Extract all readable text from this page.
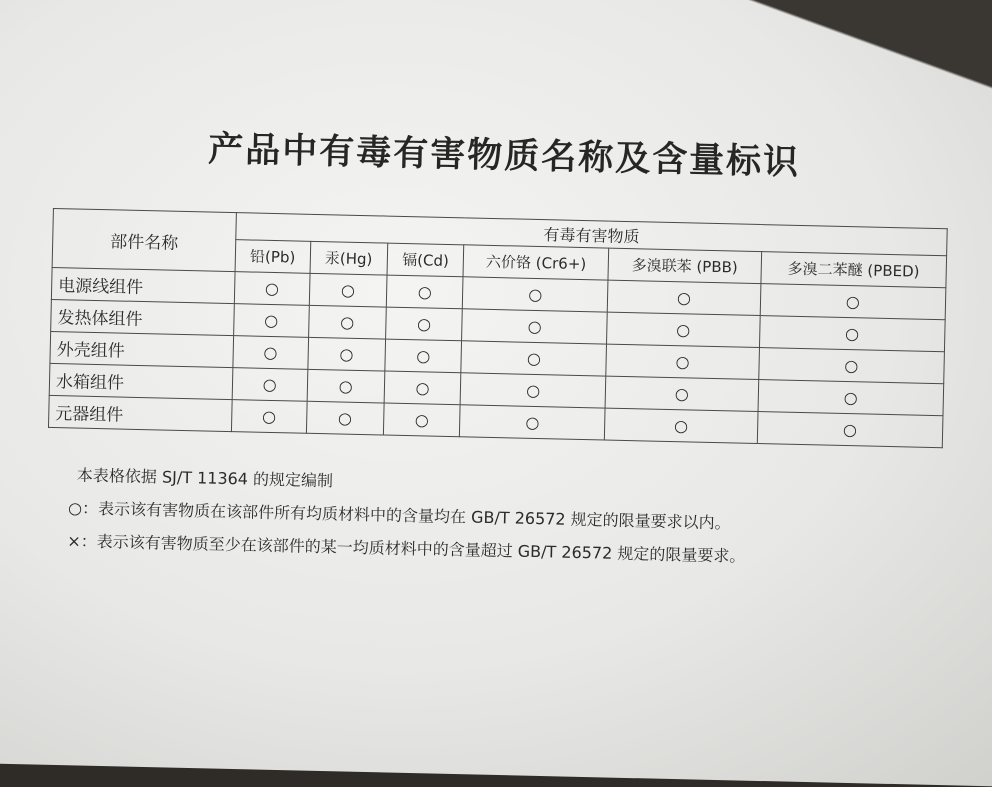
产品中有毒有害物质名称及含量标识
部件名称	有毒有害物质					
	铅(Pb)	汞(Hg)	镉(Cd)	六价铬 (Cr6+)	多溴联苯 (PBB)	多溴二苯醚 (PBED)
电源线组件	○	○	○	○	○	○
发热体组件	○	○	○	○	○	○
外壳组件	○	○	○	○	○	○
水箱组件	○	○	○	○	○	○
元器组件	○	○	○	○	○	○

本表格依据 SJ/T 11364 的规定编制

○：表示该有害物质在该部件所有均质材料中的含量均在 GB/T 26572 规定的限量要求以内。

×：表示该有害物质至少在该部件的某一均质材料中的含量超过 GB/T 26572 规定的限量要求。
